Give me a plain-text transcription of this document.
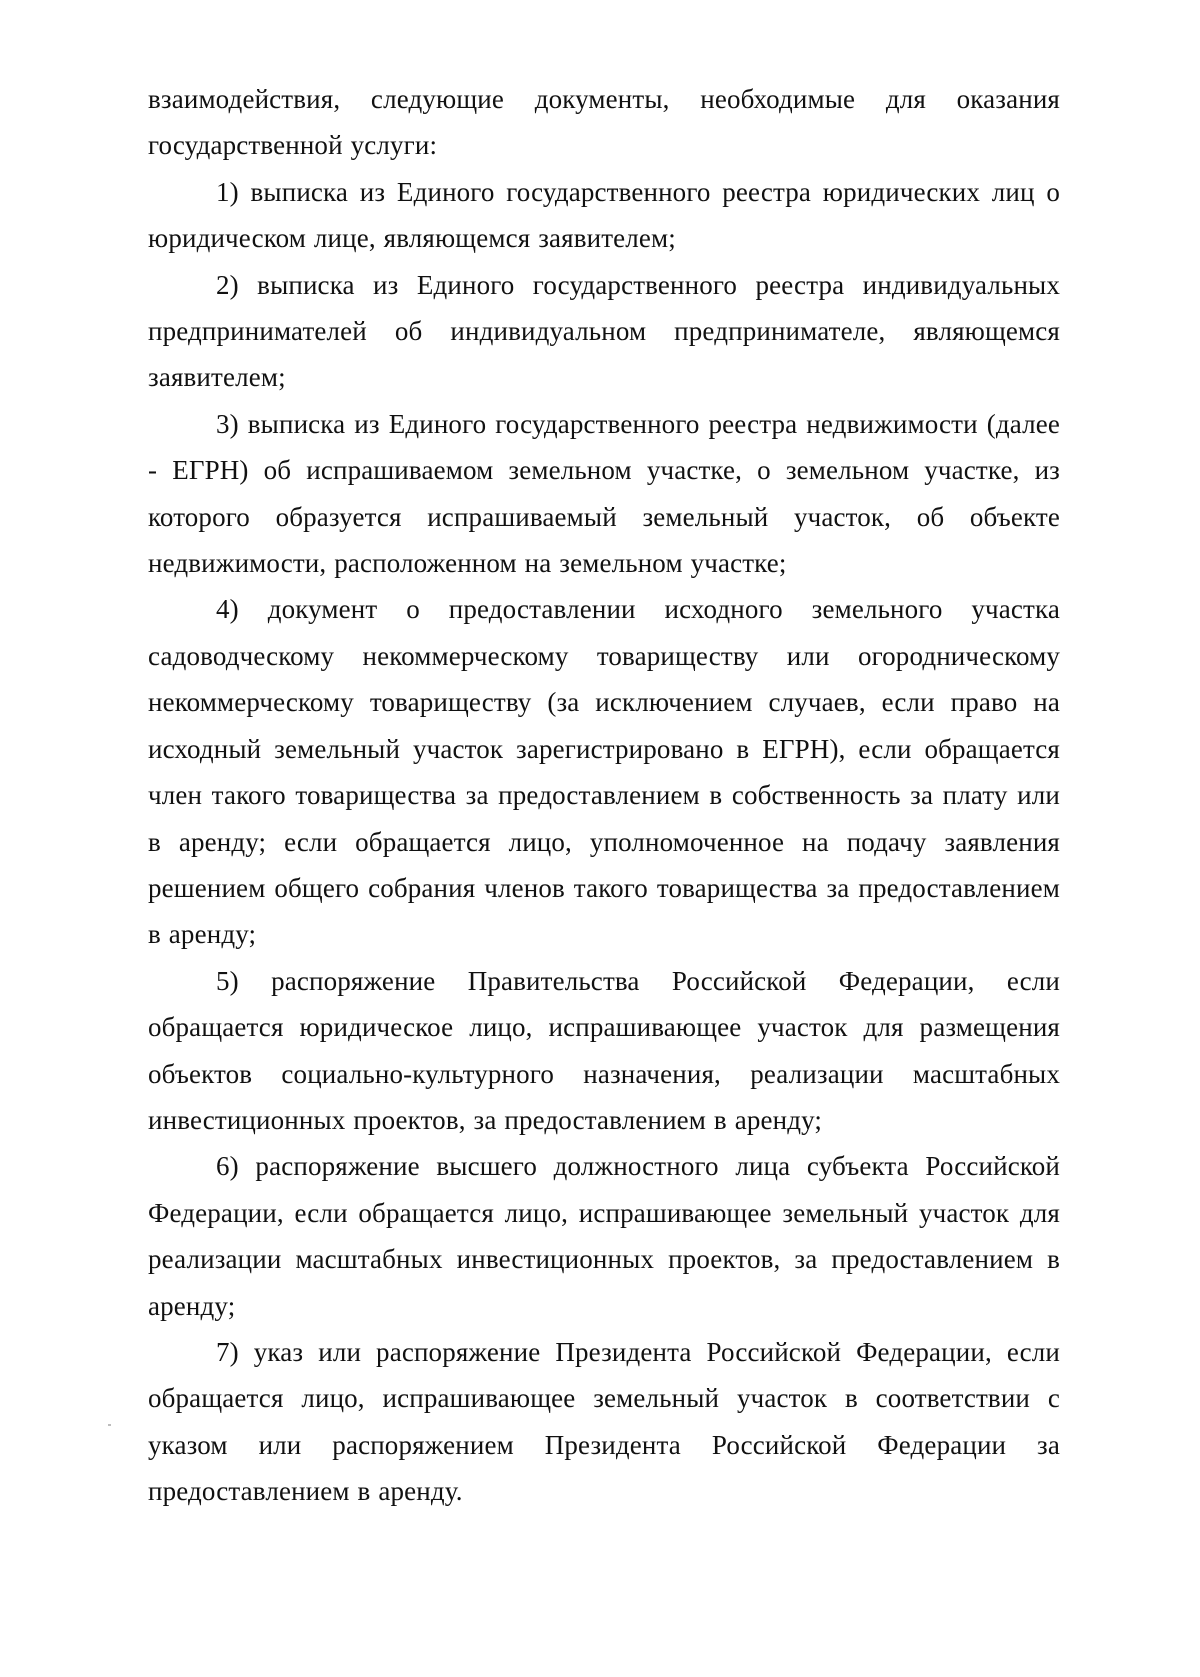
взаимодействия, следующие документы, необходимые для оказания государственной услуги:

1) выписка из Единого государственного реестра юридических лиц о юридическом лице, являющемся заявителем;

2) выписка из Единого государственного реестра индивидуальных предпринимателей об индивидуальном предпринимателе, являющемся заявителем;

3) выписка из Единого государственного реестра недвижимости (далее - ЕГРН) об испрашиваемом земельном участке, о земельном участке, из которого образуется испрашиваемый земельный участок, об объекте недвижимости, расположенном на земельном участке;

4) документ о предоставлении исходного земельного участка садоводческому некоммерческому товариществу или огородническому некоммерческому товариществу (за исключением случаев, если право на исходный земельный участок зарегистрировано в ЕГРН), если обращается член такого товарищества за предоставлением в собственность за плату или в аренду; если обращается лицо, уполномоченное на подачу заявления решением общего собрания членов такого товарищества за предоставлением в аренду;

5) распоряжение Правительства Российской Федерации, если обращается юридическое лицо, испрашивающее участок для размещения объектов социально-культурного назначения, реализации масштабных инвестиционных проектов, за предоставлением в аренду;

6) распоряжение высшего должностного лица субъекта Российской Федерации, если обращается лицо, испрашивающее земельный участок для реализации масштабных инвестиционных проектов, за предоставлением в аренду;

7) указ или распоряжение Президента Российской Федерации, если обращается лицо, испрашивающее земельный участок в соответствии с указом или распоряжением Президента Российской Федерации за предоставлением в аренду.
